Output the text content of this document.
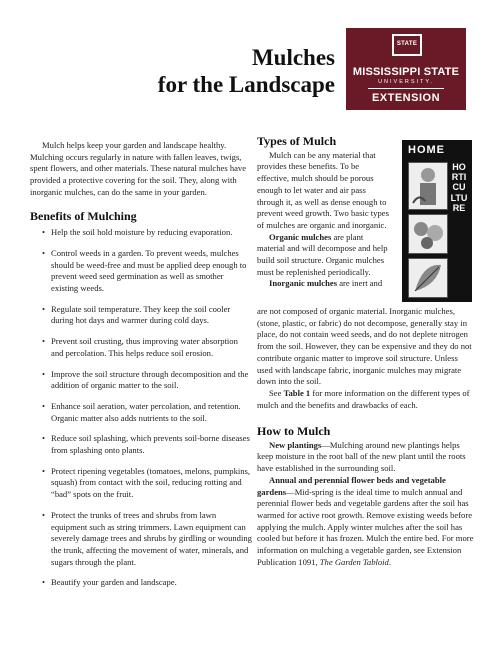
Mulches
for the Landscape
STATE
MISSISSIPPI STATE
UNIVERSITY.
EXTENSION

Mulch helps keep your garden and landscape healthy. Mulching occurs regularly in nature with fallen leaves, twigs, spent flowers, and other materials. These natural mulches have provided a protective covering for the soil. They, along with inorganic mulches, can do the same in your garden.

Benefits of Mulching
• Help the soil hold moisture by reducing evaporation.
• Control weeds in a garden. To prevent weeds, mulches should be weed-free and must be applied deep enough to prevent weed seed germination as well as smother existing weeds.
• Regulate soil temperature. They keep the soil cooler during hot days and warmer during cold days.
• Prevent soil crusting, thus improving water absorption and percolation. This helps reduce soil erosion.
• Improve the soil structure through decomposition and the addition of organic matter to the soil.
• Enhance soil aeration, water percolation, and retention. Organic matter also adds nutrients to the soil.
• Reduce soil splashing, which prevents soil-borne diseases from splashing onto plants.
• Protect ripening vegetables (tomatoes, melons, pumpkins, squash) from contact with the soil, reducing rotting and “bad” spots on the fruit.
• Protect the trunks of trees and shrubs from lawn equipment such as string trimmers. Lawn equipment can severely damage trees and shrubs by girdling or wounding the trunk, affecting the movement of water, minerals, and sugars through the plant.
• Beautify your garden and landscape.
Types of Mulch

Mulch can be any material that provides these benefits. To be effective, mulch should be porous enough to let water and air pass through it, as well as dense enough to prevent weed growth. Two basic types of mulches are organic and inorganic.

Organic mulches are plant material and will decompose and help build soil structure. Organic mulches must be replenished periodically.

Inorganic mulches are inert and

are not composed of organic material. Inorganic mulches, (stone, plastic, or fabric) do not decompose, generally stay in place, do not contain weed seeds, and do not deplete nitrogen from the soil. However, they can be expensive and they do not contribute organic matter to improve soil structure. Unless used with landscape fabric, inorganic mulches may migrate down into the soil.

See Table 1 for more information on the different types of mulch and the benefits and drawbacks of each.

How to Mulch

New plantings—Mulching around new plantings helps keep moisture in the root ball of the new plant until the roots have established in the surrounding soil.

Annual and perennial flower beds and vegetable gardens—Mid-spring is the ideal time to mulch annual and perennial flower beds and vegetable gardens after the soil has warmed for active root growth. Remove existing weeds before applying the mulch. Apply winter mulches after the soil has cooled but before it has frozen. Mulch the entire bed. For more information on mulching a vegetable garden, see Extension Publication 1091, The Garden Tabloid.

HOME
HORTICULTURE
